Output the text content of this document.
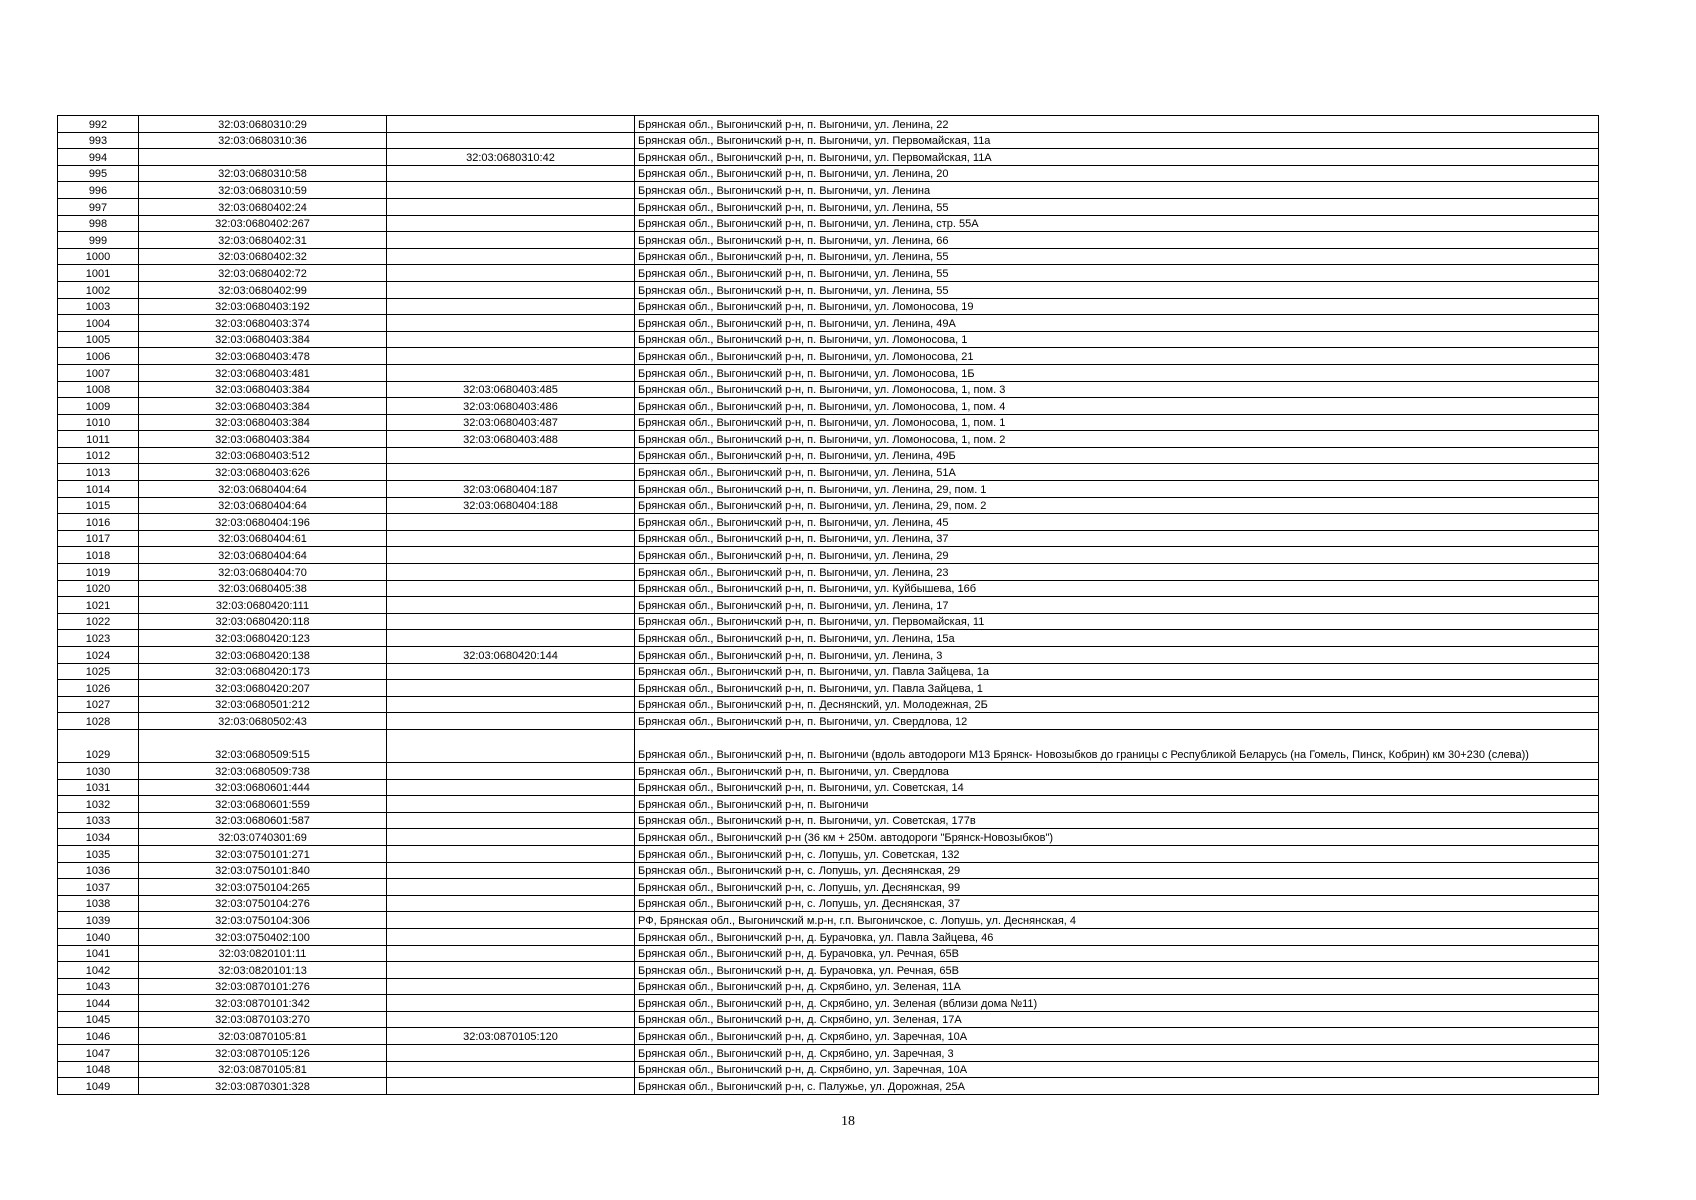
992	32:03:0680310:29		Брянская обл., Выгоничский р-н, п. Выгоничи, ул. Ленина, 22
993	32:03:0680310:36		Брянская обл., Выгоничский р-н, п. Выгоничи, ул. Первомайская, 11а
994		32:03:0680310:42	Брянская обл., Выгоничский р-н, п. Выгоничи, ул. Первомайская, 11А
995	32:03:0680310:58		Брянская обл., Выгоничский р-н, п. Выгоничи, ул. Ленина, 20
996	32:03:0680310:59		Брянская обл., Выгоничский р-н, п. Выгоничи, ул. Ленина
997	32:03:0680402:24		Брянская обл., Выгоничский р-н, п. Выгоничи, ул. Ленина, 55
998	32:03:0680402:267		Брянская обл., Выгоничский р-н, п. Выгоничи, ул. Ленина, стр. 55А
999	32:03:0680402:31		Брянская обл., Выгоничский р-н, п. Выгоничи, ул. Ленина, 66
1000	32:03:0680402:32		Брянская обл., Выгоничский р-н, п. Выгоничи, ул. Ленина, 55
1001	32:03:0680402:72		Брянская обл., Выгоничский р-н, п. Выгоничи, ул. Ленина, 55
1002	32:03:0680402:99		Брянская обл., Выгоничский р-н, п. Выгоничи, ул. Ленина, 55
1003	32:03:0680403:192		Брянская обл., Выгоничский р-н, п. Выгоничи, ул. Ломоносова, 19
1004	32:03:0680403:374		Брянская обл., Выгоничский р-н, п. Выгоничи, ул. Ленина, 49А
1005	32:03:0680403:384		Брянская обл., Выгоничский р-н, п. Выгоничи, ул. Ломоносова, 1
1006	32:03:0680403:478		Брянская обл., Выгоничский р-н, п. Выгоничи, ул. Ломоносова, 21
1007	32:03:0680403:481		Брянская обл., Выгоничский р-н, п. Выгоничи, ул. Ломоносова, 1Б
1008	32:03:0680403:384	32:03:0680403:485	Брянская обл., Выгоничский р-н, п. Выгоничи, ул. Ломоносова, 1, пом. 3
1009	32:03:0680403:384	32:03:0680403:486	Брянская обл., Выгоничский р-н, п. Выгоничи, ул. Ломоносова, 1, пом. 4
1010	32:03:0680403:384	32:03:0680403:487	Брянская обл., Выгоничский р-н, п. Выгоничи, ул. Ломоносова, 1, пом. 1
1011	32:03:0680403:384	32:03:0680403:488	Брянская обл., Выгоничский р-н, п. Выгоничи, ул. Ломоносова, 1, пом. 2
1012	32:03:0680403:512		Брянская обл., Выгоничский р-н, п. Выгоничи, ул. Ленина, 49Б
1013	32:03:0680403:626		Брянская обл., Выгоничский р-н, п. Выгоничи, ул. Ленина, 51А
1014	32:03:0680404:64	32:03:0680404:187	Брянская обл., Выгоничский р-н, п. Выгоничи, ул. Ленина, 29, пом. 1
1015	32:03:0680404:64	32:03:0680404:188	Брянская обл., Выгоничский р-н, п. Выгоничи, ул. Ленина, 29, пом. 2
1016	32:03:0680404:196		Брянская обл., Выгоничский р-н, п. Выгоничи, ул. Ленина, 45
1017	32:03:0680404:61		Брянская обл., Выгоничский р-н, п. Выгоничи, ул. Ленина, 37
1018	32:03:0680404:64		Брянская обл., Выгоничский р-н, п. Выгоничи, ул. Ленина, 29
1019	32:03:0680404:70		Брянская обл., Выгоничский р-н, п. Выгоничи, ул. Ленина, 23
1020	32:03:0680405:38		Брянская обл., Выгоничский р-н, п. Выгоничи, ул. Куйбышева, 16б
1021	32:03:0680420:111		Брянская обл., Выгоничский р-н, п. Выгоничи, ул. Ленина, 17
1022	32:03:0680420:118		Брянская обл., Выгоничский р-н, п. Выгоничи, ул. Первомайская, 11
1023	32:03:0680420:123		Брянская обл., Выгоничский р-н, п. Выгоничи, ул. Ленина, 15а
1024	32:03:0680420:138	32:03:0680420:144	Брянская обл., Выгоничский р-н, п. Выгоничи, ул. Ленина, 3
1025	32:03:0680420:173		Брянская обл., Выгоничский р-н, п. Выгоничи, ул. Павла Зайцева, 1а
1026	32:03:0680420:207		Брянская обл., Выгоничский р-н, п. Выгоничи, ул. Павла Зайцева, 1
1027	32:03:0680501:212		Брянская обл., Выгоничский р-н, п. Деснянский, ул. Молодежная, 2Б
1028	32:03:0680502:43		Брянская обл., Выгоничский р-н, п. Выгоничи, ул. Свердлова, 12
1029	32:03:0680509:515		Брянская обл., Выгоничский р-н, п. Выгоничи (вдоль автодороги М13 Брянск- Новозыбков до границы с Республикой Беларусь (на Гомель, Пинск, Кобрин) км 30+230 (слева))
1030	32:03:0680509:738		Брянская обл., Выгоничский р-н, п. Выгоничи, ул. Свердлова
1031	32:03:0680601:444		Брянская обл., Выгоничский р-н, п. Выгоничи, ул. Советская, 14
1032	32:03:0680601:559		Брянская обл., Выгоничский р-н, п. Выгоничи
1033	32:03:0680601:587		Брянская обл., Выгоничский р-н, п. Выгоничи, ул. Советская, 177в
1034	32:03:0740301:69		Брянская обл., Выгоничский р-н (36 км + 250м. автодороги "Брянск-Новозыбков")
1035	32:03:0750101:271		Брянская обл., Выгоничский р-н, с. Лопушь, ул. Советская, 132
1036	32:03:0750101:840		Брянская обл., Выгоничский р-н, с. Лопушь, ул. Деснянская, 29
1037	32:03:0750104:265		Брянская обл., Выгоничский р-н, с. Лопушь, ул. Деснянская, 99
1038	32:03:0750104:276		Брянская обл., Выгоничский р-н, с. Лопушь, ул. Деснянская, 37
1039	32:03:0750104:306		РФ, Брянская обл., Выгоничский м.р-н, г.п. Выгоничское, с. Лопушь, ул. Деснянская, 4
1040	32:03:0750402:100		Брянская обл., Выгоничский р-н, д. Бурачовка, ул. Павла Зайцева, 46
1041	32:03:0820101:11		Брянская обл., Выгоничский р-н, д. Бурачовка, ул. Речная, 65В
1042	32:03:0820101:13		Брянская обл., Выгоничский р-н, д. Бурачовка, ул. Речная, 65В
1043	32:03:0870101:276		Брянская обл., Выгоничский р-н, д. Скрябино, ул. Зеленая, 11А
1044	32:03:0870101:342		Брянская обл., Выгоничский р-н, д. Скрябино, ул. Зеленая (вблизи дома №11)
1045	32:03:0870103:270		Брянская обл., Выгоничский р-н, д. Скрябино, ул. Зеленая, 17А
1046	32:03:0870105:81	32:03:0870105:120	Брянская обл., Выгоничский р-н, д. Скрябино, ул. Заречная, 10А
1047	32:03:0870105:126		Брянская обл., Выгоничский р-н, д. Скрябино, ул. Заречная, 3
1048	32:03:0870105:81		Брянская обл., Выгоничский р-н, д. Скрябино, ул. Заречная, 10А
1049	32:03:0870301:328		Брянская обл., Выгоничский р-н, с. Палужье, ул. Дорожная, 25А
18
